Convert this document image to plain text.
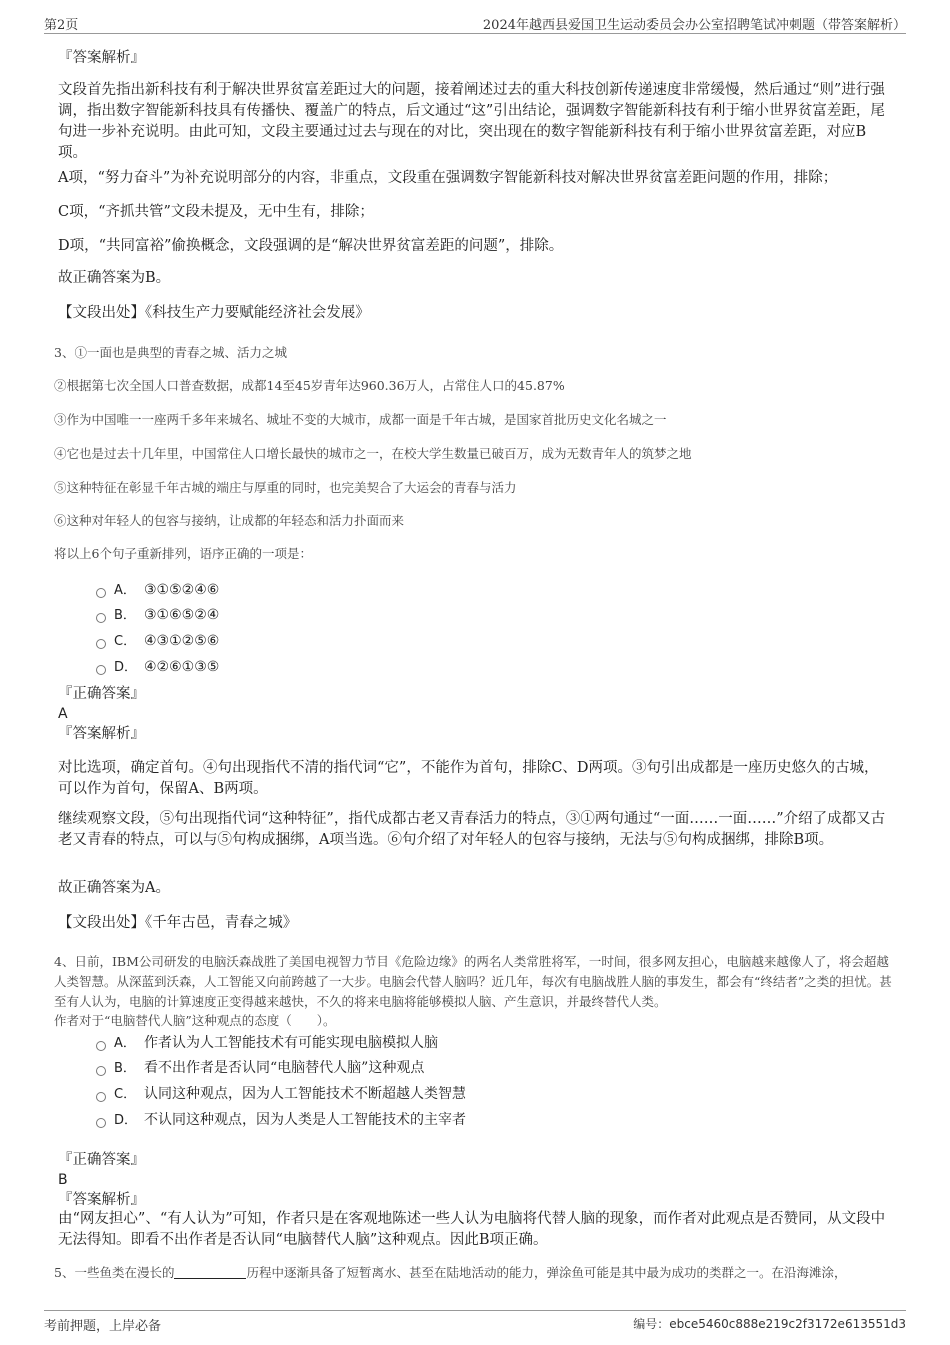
第2页	2024年越西县爱国卫生运动委员会办公室招聘笔试冲刺题（带答案解析）
『答案解析』
文段首先指出新科技有利于解决世界贫富差距过大的问题，接着阐述过去的重大科技创新传递速度非常缓慢，然后通过“则”进行强调，指出数字智能新科技具有传播快、覆盖广的特点，后文通过“这”引出结论，强调数字智能新科技有利于缩小世界贫富差距，尾句进一步补充说明。由此可知，文段主要通过过去与现在的对比，突出现在的数字智能新科技有利于缩小世界贫富差距，对应B项。
A项，“努力奋斗”为补充说明部分的内容，非重点，文段重在强调数字智能新科技对解决世界贫富差距问题的作用，排除；
C项，“齐抓共管”文段未提及，无中生有，排除；
D项，“共同富裕”偷换概念，文段强调的是“解决世界贫富差距的问题”，排除。
故正确答案为B。
【文段出处】《科技生产力要赋能经济社会发展》
3、①一面也是典型的青春之城、活力之城
②根据第七次全国人口普查数据，成都14至45岁青年达960.36万人，占常住人口的45.87%
③作为中国唯一一座两千多年来城名、城址不变的大城市，成都一面是千年古城，是国家首批历史文化名城之一
④它也是过去十几年里，中国常住人口增长最快的城市之一，在校大学生数量已破百万，成为无数青年人的筑梦之地
⑤这种特征在彰显千年古城的端庄与厚重的同时，也完美契合了大运会的青春与活力
⑥这种对年轻人的包容与接纳，让成都的年轻态和活力扑面而来
将以上6个句子重新排列，语序正确的一项是：
A． ③①⑤②④⑥
B． ③①⑥⑤②④
C． ④③①②⑤⑥
D． ④②⑥①③⑤
『正确答案』
A
『答案解析』
对比选项，确定首句。④句出现指代不清的指代词“它”，不能作为首句，排除C、D两项。③句引出成都是一座历史悠久的古城，可以作为首句，保留A、B两项。
继续观察文段，⑤句出现指代词“这种特征”，指代成都古老又青春活力的特点，③①两句通过“一面……一面……”介绍了成都又古老又青春的特点，可以与⑤句构成捆绑，A项当选。⑥句介绍了对年轻人的包容与接纳，无法与⑤句构成捆绑，排除B项。
故正确答案为A。
【文段出处】《千年古邑，青春之城》
4、日前，IBM公司研发的电脑沃森战胜了美国电视智力节目《危险边缘》的两名人类常胜将军，一时间，很多网友担心，电脑越来越像人了，将会超越人类智慧。从深蓝到沃森，人工智能又向前跨越了一大步。电脑会代替人脑吗？近几年，每次有电脑战胜人脑的事发生，都会有“终结者”之类的担忧。甚至有人认为，电脑的计算速度正变得越来越快，不久的将来电脑将能够模拟人脑、产生意识，并最终替代人类。
作者对于“电脑替代人脑”这种观点的态度（　　）。
A． 作者认为人工智能技术有可能实现电脑模拟人脑
B． 看不出作者是否认同“电脑替代人脑”这种观点
C． 认同这种观点，因为人工智能技术不断超越人类智慧
D． 不认同这种观点，因为人类是人工智能技术的主宰者
『正确答案』
B
『答案解析』
由“网友担心”、“有人认为”可知，作者只是在客观地陈述一些人认为电脑将代替人脑的现象，而作者对此观点是否赞同，从文段中无法得知。即看不出作者是否认同“电脑替代人脑”这种观点。因此B项正确。
5、一些鱼类在漫长的	历程中逐渐具备了短暂离水、甚至在陆地活动的能力，弹涂鱼可能是其中最为成功的类群之一。在沿海滩涂，
考前押题，上岸必备	编号：ebce5460c888e219c2f3172e613551d3
